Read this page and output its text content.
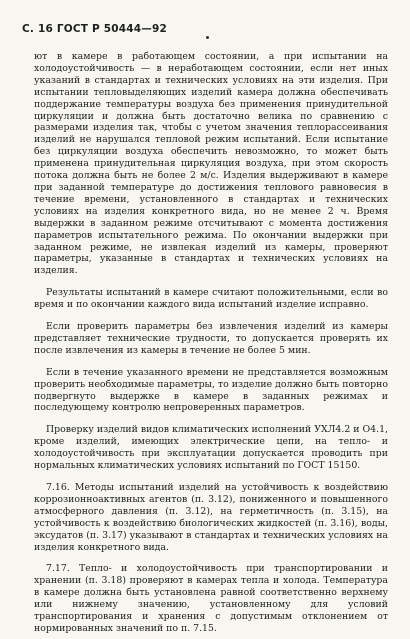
С. 16 ГОСТ Р 50444—92

ют в камере в работающем состоянии, а при испытании на холодоустойчивость — в неработающем состоянии, если нет иных указаний в стандартах и технических условиях на эти изделия. При испытании тепловыделяющих изделий камера должна обеспечивать поддержание температуры воздуха без применения принудительной циркуляции и должна быть достаточно велика по сравнению с размерами изделия так, чтобы с учетом значения теплорассеивания изделий не нарушался тепловой режим испытаний. Если испытание без циркуляции воздуха обеспечить невозможно, то может быть применена принудительная циркуляция воздуха, при этом скорость потока должна быть не более 2 м/с. Изделия выдерживают в камере при заданной температуре до достижения теплового равновесия в течение времени, установленного в стандартах и технических условиях на изделия конкретного вида, но не менее 2 ч. Время выдержки в заданном режиме отсчитывают с момента достижения параметров испытательного режима. По окончании выдержки при заданном режиме, не извлекая изделий из камеры, проверяют параметры, указанные в стандартах и технических условиях на изделия.

Результаты испытаний в камере считают положительными, если во время и по окончании каждого вида испытаний изделие исправно.

Если проверить параметры без извлечения изделий из камеры представляет технические трудности, то допускается проверять их после извлечения из камеры в течение не более 5 мин.

Если в течение указанного времени не представляется возможным проверить необходимые параметры, то изделие должно быть повторно подвергнуто выдержке в камере в заданных режимах и последующему контролю непроверенных параметров.

Проверку изделий видов климатических исполнений УХЛ4.2 и О4.1, кроме изделий, имеющих электрические цепи, на тепло- и холодоустойчивость при эксплуатации допускается проводить при нормальных климатических условиях испытаний по ГОСТ 15150.

7.16. Методы испытаний изделий на устойчивость к воздействию коррозионноактивных агентов (п. 3.12), пониженного и повышенного атмосферного давления (п. 3.12), на герметичность (п. 3.15), на устойчивость к воздействию биологических жидкостей (п. 3.16), воды, эксудатов (п. 3.17) указывают в стандартах и технических условиях на изделия конкретного вида.

7.17. Тепло- и холодоустойчивость при транспортировании и хранении (п. 3.18) проверяют в камерах тепла и холода. Температура в камере должна быть установлена равной соответственно верхнему или нижнему значению, установленному для условий транспортирования и хранения с допустимым отклонением от нормированных значений по п. 7.15.
